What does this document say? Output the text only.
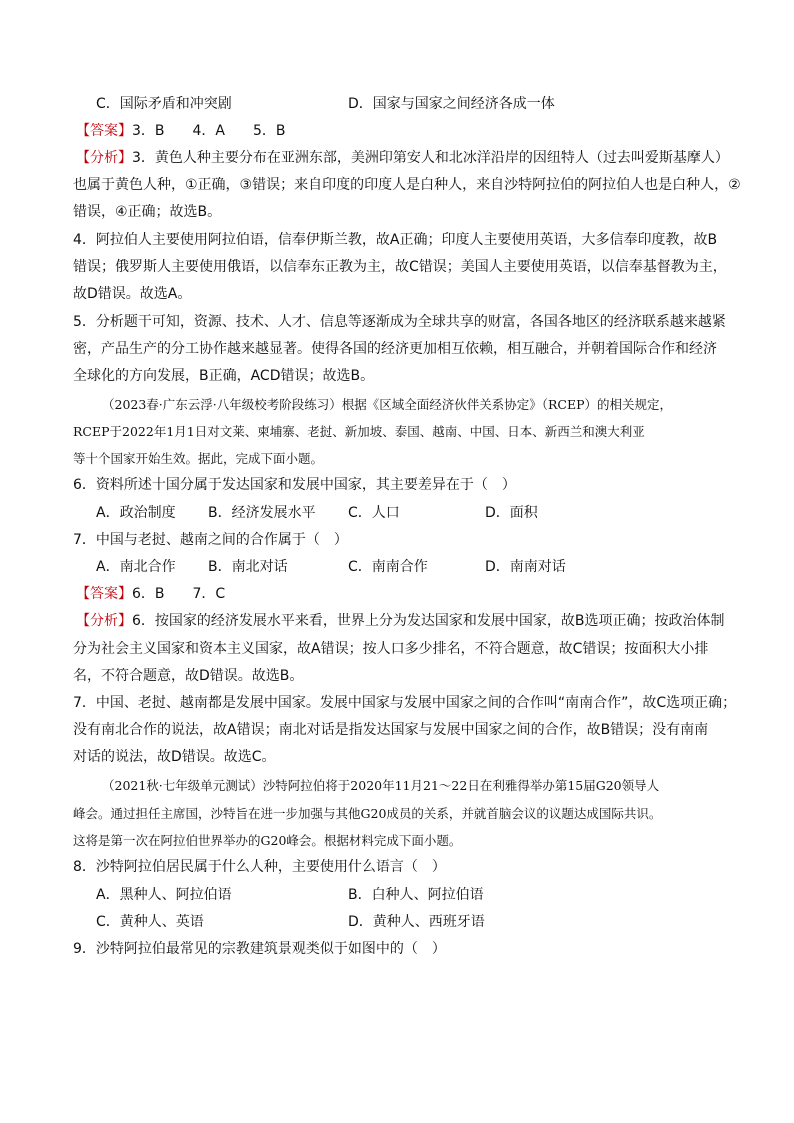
C．国际矛盾和冲突剧	D．国家与国家之间经济各成一体
【答案】3．B　　4．A　　5．B
【分析】3．黄色人种主要分布在亚洲东部，美洲印第安人和北冰洋沿岸的因纽特人（过去叫爱斯基摩人）
也属于黄色人种，①正确，③错误；来自印度的印度人是白种人，来自沙特阿拉伯的阿拉伯人也是白种人，②
错误，④正确；故选B。
4．阿拉伯人主要使用阿拉伯语，信奉伊斯兰教，故A正确；印度人主要使用英语，大多信奉印度教，故B
错误；俄罗斯人主要使用俄语，以信奉东正教为主，故C错误；美国人主要使用英语，以信奉基督教为主，
故D错误。故选A。
5．分析题干可知，资源、技术、人才、信息等逐渐成为全球共享的财富，各国各地区的经济联系越来越紧
密，产品生产的分工协作越来越显著。使得各国的经济更加相互依赖，相互融合，并朝着国际合作和经济
全球化的方向发展，B正确，ACD错误；故选B。
（2023春·广东云浮·八年级校考阶段练习）根据《区域全面经济伙伴关系协定》（RCEP）的相关规定，
RCEP于2022年1月1日对文莱、柬埔寨、老挝、新加坡、泰国、越南、中国、日本、新西兰和澳大利亚
等十个国家开始生效。据此，完成下面小题。
6．资料所述十国分属于发达国家和发展中国家，其主要差异在于（　）
A．政治制度 B．经济发展水平 C．人口	D．面积
7．中国与老挝、越南之间的合作属于（　）
A．南北合作 B．南北对话	C．南南合作	D．南南对话
【答案】6．B　　7．C
【分析】6．按国家的经济发展水平来看，世界上分为发达国家和发展中国家，故B选项正确；按政治体制
分为社会主义国家和资本主义国家，故A错误；按人口多少排名，不符合题意，故C错误；按面积大小排
名，不符合题意，故D错误。故选B。
7．中国、老挝、越南都是发展中国家。发展中国家与发展中国家之间的合作叫“南南合作”，故C选项正确；
没有南北合作的说法，故A错误；南北对话是指发达国家与发展中国家之间的合作，故B错误；没有南南
对话的说法，故D错误。故选C。
（2021秋·七年级单元测试）沙特阿拉伯将于2020年11月21～22日在利雅得举办第15届G20领导人
峰会。通过担任主席国，沙特旨在进一步加强与其他G20成员的关系，并就首脑会议的议题达成国际共识。
这将是第一次在阿拉伯世界举办的G20峰会。根据材料完成下面小题。
8．沙特阿拉伯居民属于什么人种，主要使用什么语言（　）
A．黑种人、阿拉伯语	B．白种人、阿拉伯语
C．黄种人、英语	D．黄种人、西班牙语
9．沙特阿拉伯最常见的宗教建筑景观类似于如图中的（　）
